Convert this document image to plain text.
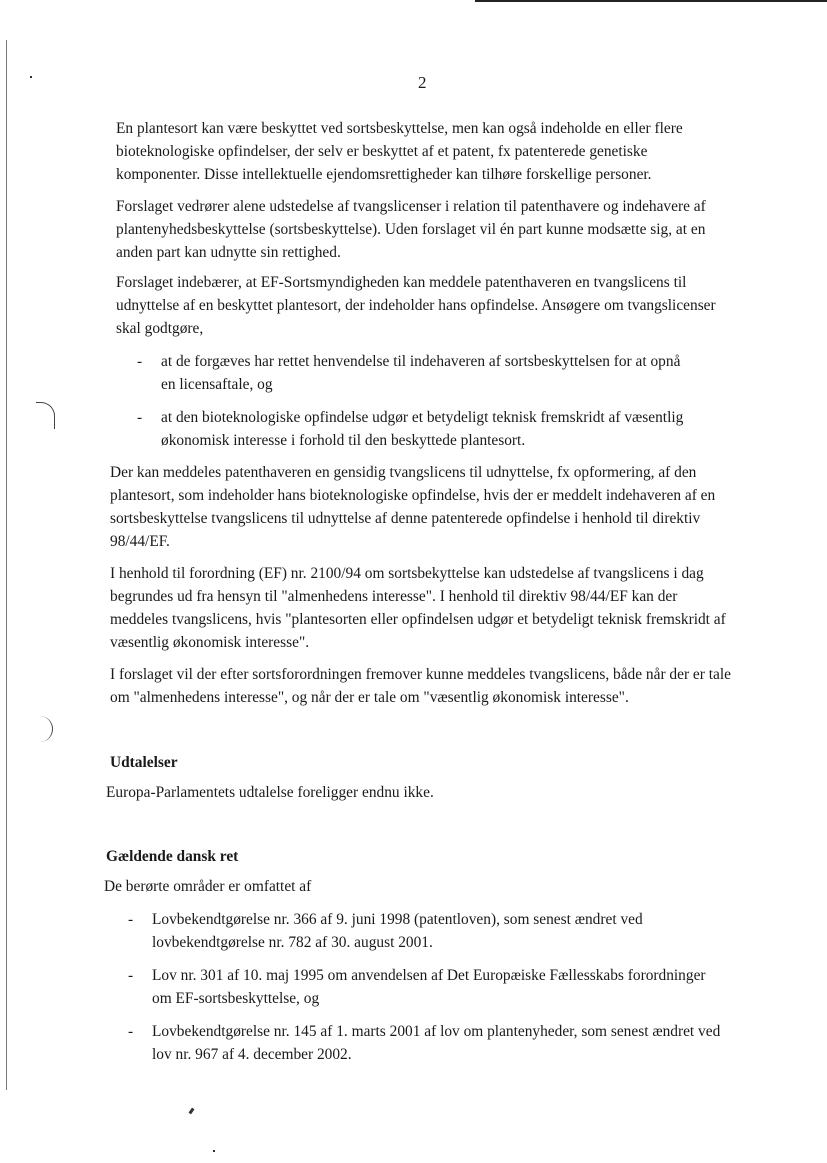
2

En plantesort kan være beskyttet ved sortsbeskyttelse, men kan også indeholde en eller flere bioteknologiske opfindelser, der selv er beskyttet af et patent, fx patenterede genetiske komponenter. Disse intellektuelle ejendomsrettigheder kan tilhøre forskellige personer.

Forslaget vedrører alene udstedelse af tvangslicenser i relation til patenthavere og indehavere af plantenyhedsbeskyttelse (sortsbeskyttelse). Uden forslaget vil én part kunne modsætte sig, at en anden part kan udnytte sin rettighed.

Forslaget indebærer, at EF-Sortsmyndigheden kan meddele patenthaveren en tvangslicens til udnyttelse af en beskyttet plantesort, der indeholder hans opfindelse. Ansøgere om tvangslicenser skal godtgøre,

- at de forgæves har rettet henvendelse til indehaveren af sortsbeskyttelsen for at opnå en licensaftale, og
- at den bioteknologiske opfindelse udgør et betydeligt teknisk fremskridt af væsentlig økonomisk interesse i forhold til den beskyttede plantesort.

Der kan meddeles patenthaveren en gensidig tvangslicens til udnyttelse, fx opformering, af den plantesort, som indeholder hans bioteknologiske opfindelse, hvis der er meddelt indehaveren af en sortsbeskyttelse tvangslicens til udnyttelse af denne patenterede opfindelse i henhold til direktiv 98/44/EF.

I henhold til forordning (EF) nr. 2100/94 om sortsbekyttelse kan udstedelse af tvangslicens i dag begrundes ud fra hensyn til "almenhedens interesse". I henhold til direktiv 98/44/EF kan der meddeles tvangslicens, hvis "plantesorten eller opfindelsen udgør et betydeligt teknisk fremskridt af væsentlig økonomisk interesse".

I forslaget vil der efter sortsforordningen fremover kunne meddeles tvangslicens, både når der er tale om "almenhedens interesse", og når der er tale om "væsentlig økonomisk interesse".

Udtalelser

Europa-Parlamentets udtalelse foreligger endnu ikke.

Gældende dansk ret

De berørte områder er omfattet af

- Lovbekendtgørelse nr. 366 af 9. juni 1998 (patentloven), som senest ændret ved lovbekendtgørelse nr. 782 af 30. august 2001.
- Lov nr. 301 af 10. maj 1995 om anvendelsen af Det Europæiske Fællesskabs forordninger om EF-sortsbeskyttelse, og
- Lovbekendtgørelse nr. 145 af 1. marts 2001 af lov om plantenyheder, som senest ændret ved lov nr. 967 af 4. december 2002.
